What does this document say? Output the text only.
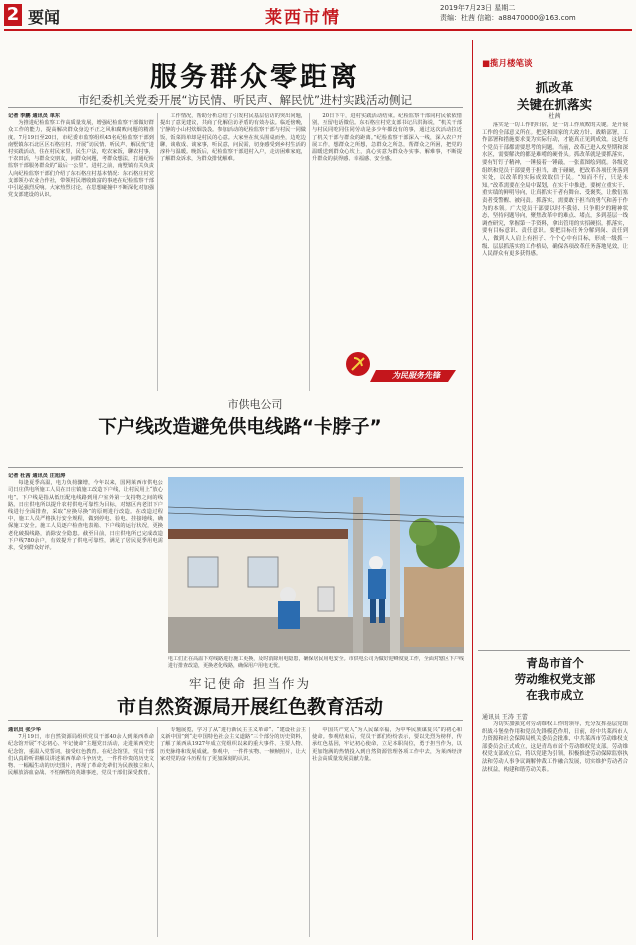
2 要闻	莱西市情	2019年7月23日 星期二
责编：杜茜 信箱：a88470000@163.com
服务群众零距离
市纪委机关党委开展“访民情、听民声、解民忧”进村实践活动侧记

记者 李鹏 通讯员 单东

为推进纪检监察工作高质量发展，增强纪检监察干部做好群众工作的能力，提高解决群众身边不正之风和腐败问题的精准度。7月19日至20日，市纪委市监察组织45名纪检监察干部到南墅镇东石北区区石格庄村、开展“访民情、听民声、解民忧”进村实践活动，住在村民家里，民生户法，吃农家饭，聊农村事，干农田活，与群众交朋友，问群众问题，考群众想法，打通纪检监察干部服务群众的“最后一公里”。进村之前，南墅镇有关负责人向纪检监察干部们介绍了东石格庄村基本情况：东石格庄村党支部领办农业合作社，带领村民增收致富的事迹在纪检监察干部中引起强烈反响。大家热烈讨论，在思想碰撞中不断深化对加强党支部建设的认识。

工作情况，帮助分析总结了引发村民基层信访的突出问题，提出了意见建议，共商了化解信访矛盾的有效办法。临近傍晚，宁静的小山村炊烟袅袅。参加活动的纪检监察干部与村民一同做饭，饭菜简单却是村民的心意。大家坐在炕头围桌而坐，边吃边聊，谈收成、谈家事，听民意，问民需，切身感受到乡村生活的淳朴与温暖。晚饭后，纪检监察干部进村入户，走访困难家庭，了解群众诉求，为群众排忧解难。

20日下午，进村实践活动结束。纪检监察干部同村民依依惜别，互留电话微信。东石格庄村党支部书记吕洪海说，“机关干部与村民同吃同住同劳动是多少年都没有的事，通过这次活动拉近了机关干部与群众的距离。”纪检监察干部深入一线，深入农户开展工作，想群众之所想，急群众之所急，帮群众之所困，把党的温暖送到群众心坎上，真心实意为群众办实事、解难事，不断提升群众的获得感、幸福感、安全感。

为民服务先锋
■揽月楼笔谈
抓改革
关键在抓落实
杜茜

落实是一切工作的归宿，是一切工作成败的关键。是开展工作的全部意义所在。把党和国家的大政方针、战略部署，工作部署和措施要求变为实际行动，才能真正见到成效。这是每个党员干部都需要思考的问题。当前，改革已进入攻坚期和深水区，需要解决的都是难啃的硬骨头。抓改革就是要抓落实，要有钉钉子精神，一锤接着一锤敲，一张蓝图绘到底。各级党组织和党员干部要勇于担当，敢于碰硬，把改革各项任务落到实处，以改革的实际成效取信于民。“知而不行，只是未知。”改革需要在全局中谋划，在实干中推进。要树立重实干、重实绩的鲜明导向，让真抓实干者有舞台、受褒奖，让敷衍塞责者受警醒、被问责。抓落实，需要敢于担当的勇气和善于作为的本领。广大党员干部要以时不我待、只争朝夕的精神状态，坚持问题导向，聚焦改革中的难点、堵点，多到基层一线调查研究，掌握第一手资料，拿出管用的实招硬招。抓落实，要有目标意识、责任意识。要把目标任务分解到岗、责任到人，做到人人肩上有担子、个个心中有目标，形成一级抓一级、层层抓落实的工作格局，确保各项改革任务落地见效，让人民群众有更多获得感。

市供电公司
下户线改造避免供电线路“卡脖子”

记者 杜茜 通讯员 庄旭涛

每逢夏季高温，电力负荷骤增，今年以来，国网莱西市供电公司日庄供电所施工人员在日庄镇施工改造下户线，让村民用上“放心电”。下户线是指从低压配电线路到用户室外第一支持物之间的线路。日庄供电所以提升农村供电可靠性为目标，对辖区内老旧下户线进行全面排查，采取“应换尽换”的原则进行改造。在改造过程中，施工人员严格执行安全规程，做到停电、验电、挂接地线，确保施工安全。施工人员逐户检查电表箱、下户线的运行状况，更换老化破损线路，消除安全隐患。截至目前，日庄供电所已完成改造下户线780余户，有效提升了供电可靠性，满足了居民夏季用电需求，受到群众好评。

电工们正在高温下对线路进行施工更换，及时消除用电隐患，确保居民用电安全。市供电公司为做好迎峰度夏工作，全面对辖区下户线进行排查改造，更换老化线路，确保用户用电无忧。
牢记使命 担当作为
市自然资源局开展红色教育活动

通讯员 张少华

7月19日，市自然资源局组织党员干部40余人到莱西革命纪念馆开展“不忘初心、牢记使命”主题党日活动，走进莱西党史纪念馆，重温入党誓词，接受红色教育。在纪念馆里，党员干部们认真聆听讲解员讲述莱西革命斗争历史，一件件珍贵的历史文物、一幅幅生动的历史图片，再现了革命先辈们为民族独立和人民解放浴血奋战、不怕牺牲的英雄事迹，党员干部们深受教育。

专题展览，学习了从“进行新民主主义革命”、“建设社会主义新中国”到“走中国特色社会主义道路”三个部分的历史资料，了解了莱西从1927年成立党组织以来的重大事件、主要人物、历史脉络和发展成就。参观中，一件件实物、一帧帧照片，让大家对党的奋斗历程有了更加深刻的认识。

中国共产党人“为人民谋幸福，为中华民族谋复兴”的初心和使命。参观结束后，党员干部们纷纷表示，要以先烈为榜样，传承红色基因，牢记初心使命，立足本职岗位，勇于担当作为，以更加饱满的热情投入到自然资源管理各项工作中去，为莱西经济社会高质量发展贡献力量。

青岛市首个
劳动维权党支部
在我市成立
通讯员 王涛 王蕾

为切实加强党对劳动维权工作的领导，充分发挥基层党组织战斗堡垒作用和党员先锋模范作用，日前，经中共莱西市人力资源和社会保障局机关委员会批准，中共莱西市劳动维权支部委员会正式成立，这是青岛市首个劳动维权党支部。劳动维权党支部成立后，将以党建为引领，积极推进劳动保障监察执法和劳动人事争议调解仲裁工作融合发展，切实维护劳动者合法权益，构建和谐劳动关系。
